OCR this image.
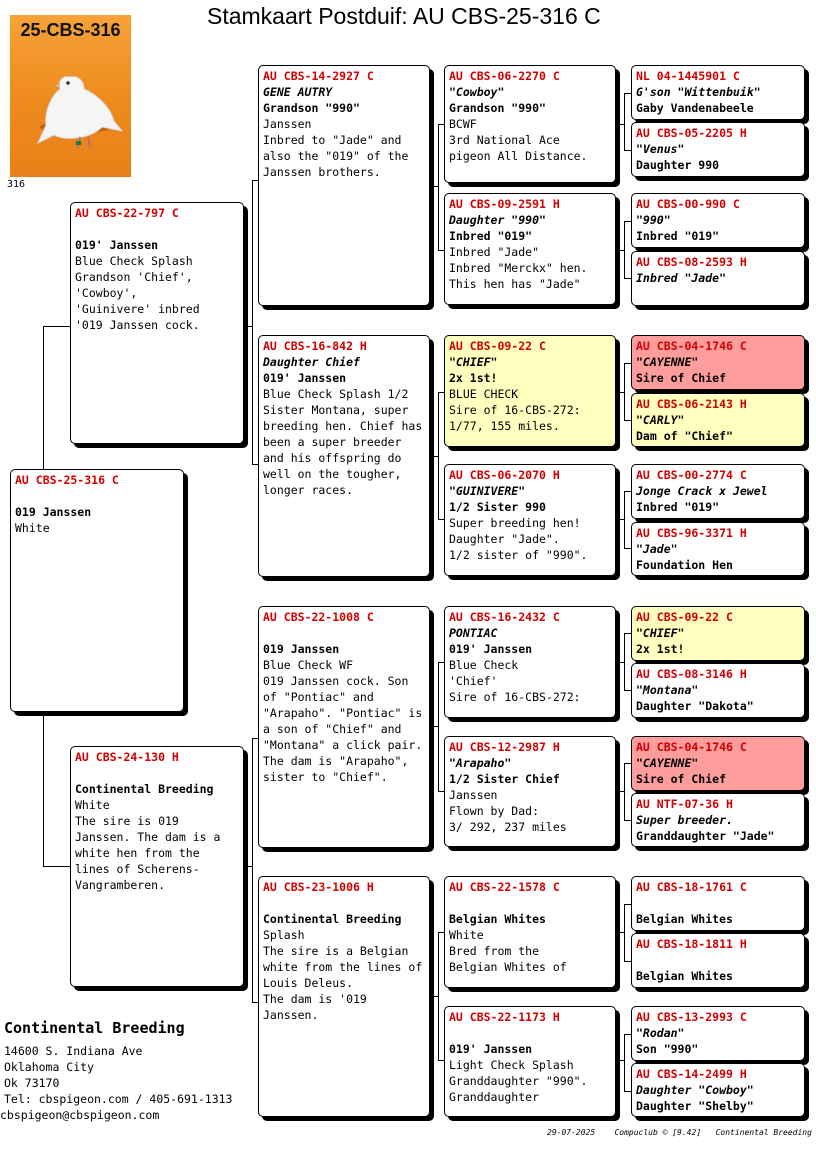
Stamkaart Postduif: AU CBS-25-316 C
25-CBS-316
316
AU CBS-25-316 C
019 Janssen
White
AU CBS-22-797 C
019' Janssen
Blue Check Splash
Grandson 'Chief',
'Cowboy',
'Guinivere' inbred
'019 Janssen cock.
AU CBS-24-130 H
Continental Breeding
White
The sire is 019 Janssen. The dam is a white hen from the lines of Scherens-Vangramberen.
AU CBS-14-2927 C
GENE AUTRY
Grandson "990"
Janssen
Inbred to "Jade" and also the "019" of the Janssen brothers.
AU CBS-16-842 H
Daughter Chief
019' Janssen
Blue Check Splash 1/2 Sister Montana, super breeding hen. Chief has been a super breeder and his offspring do well on the tougher, longer races.
AU CBS-22-1008 C
019 Janssen
Blue Check WF
019 Janssen cock. Son of "Pontiac" and "Arapaho". "Pontiac" is a son of "Chief" and "Montana" a click pair. The dam is "Arapaho", sister to "Chief".
AU CBS-23-1006 H
Continental Breeding
Splash
The sire is a Belgian white from the lines of Louis Deleus.
The dam is '019 Janssen.
AU CBS-06-2270 C
"Cowboy"
Grandson "990"
BCWF
3rd National Ace
pigeon All Distance.
AU CBS-09-2591 H
Daughter "990"
Inbred "019"
Inbred "Jade"
Inbred "Merckx" hen.
This hen has "Jade"
AU CBS-09-22 C
"CHIEF"
2x 1st!
BLUE CHECK
Sire of 16-CBS-272:
1/77, 155 miles.
AU CBS-06-2070 H
"GUINIVERE"
1/2 Sister 990
Super breeding hen!
Daughter "Jade".
1/2 sister of "990".
AU CBS-16-2432 C
PONTIAC
019' Janssen
Blue Check
'Chief'
Sire of 16-CBS-272:
AU CBS-12-2987 H
"Arapaho"
1/2 Sister Chief
Janssen
Flown by Dad:
3/ 292, 237 miles
AU CBS-22-1578 C
Belgian Whites
White
Bred from the
Belgian Whites of
AU CBS-22-1173 H
019' Janssen
Light Check Splash
Granddaughter "990".
Granddaughter
NL 04-1445901 C
G'son "Wittenbuik"
Gaby Vandenabeele
AU CBS-05-2205 H
"Venus"
Daughter 990
AU CBS-00-990 C
"990"
Inbred "019"
AU CBS-08-2593 H
Inbred "Jade"
AU CBS-04-1746 C
"CAYENNE"
Sire of Chief
AU CBS-06-2143 H
"CARLY"
Dam of "Chief"
AU CBS-00-2774 C
Jonge Crack x Jewel
Inbred "019"
AU CBS-96-3371 H
"Jade"
Foundation Hen
AU CBS-09-22 C
"CHIEF"
2x 1st!
AU CBS-08-3146 H
"Montana"
Daughter "Dakota"
AU CBS-04-1746 C
"CAYENNE"
Sire of Chief
AU NTF-07-36 H
Super breeder.
Granddaughter "Jade"
AU CBS-18-1761 C
Belgian Whites
AU CBS-18-1811 H
Belgian Whites
AU CBS-13-2993 C
"Rodan"
Son "990"
AU CBS-14-2499 H
Daughter "Cowboy"
Daughter "Shelby"
Continental Breeding
14600 S. Indiana Ave
Oklahoma City
Ok 73170
Tel: cbspigeon.com / 405-691-1313
cbspigeon@cbspigeon.com
29-07-2025 Compuclub © [9.42] Continental Breeding
